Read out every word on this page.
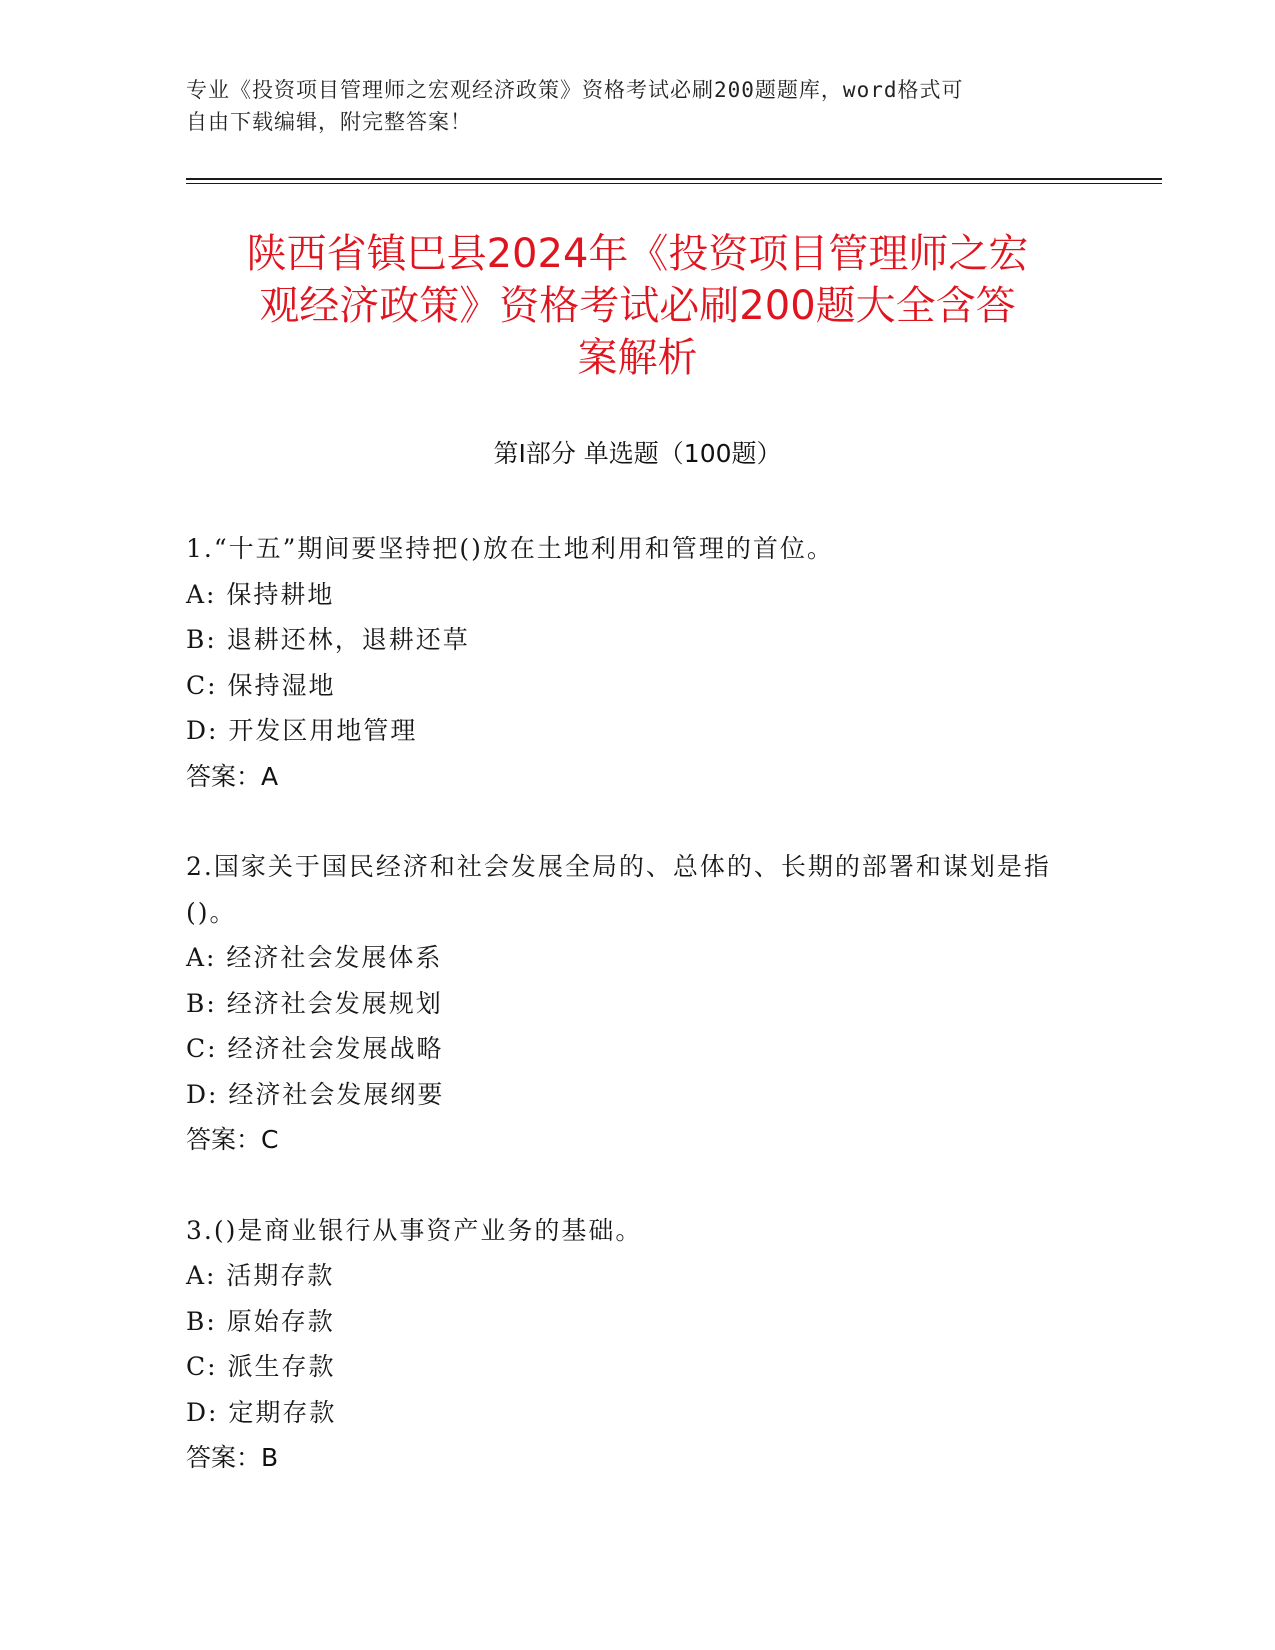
专业《投资项目管理师之宏观经济政策》资格考试必刷200题题库，word格式可
自由下载编辑，附完整答案！
陕西省镇巴县2024年《投资项目管理师之宏
观经济政策》资格考试必刷200题大全含答
案解析
第Ⅰ部分 单选题（100题）
1.“十五”期间要坚持把()放在土地利用和管理的首位。
A: 保持耕地
B: 退耕还林，退耕还草
C: 保持湿地
D: 开发区用地管理
答案：A
2.国家关于国民经济和社会发展全局的、总体的、长期的部署和谋划是指()。
A: 经济社会发展体系
B: 经济社会发展规划
C: 经济社会发展战略
D: 经济社会发展纲要
答案：C
3.()是商业银行从事资产业务的基础。
A: 活期存款
B: 原始存款
C: 派生存款
D: 定期存款
答案：B
